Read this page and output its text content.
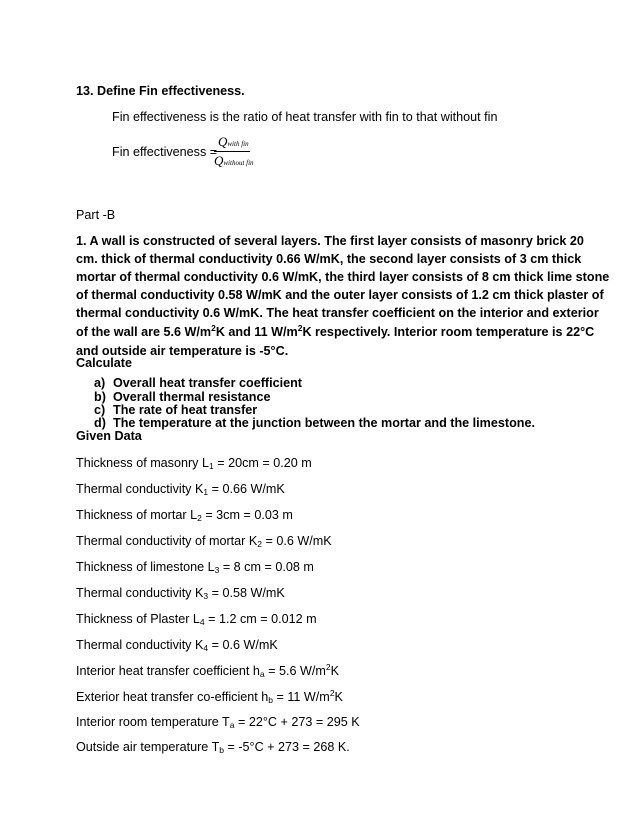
13. Define Fin effectiveness.
Fin effectiveness is the ratio of heat transfer with fin to that without fin
Fin effectiveness =
Qwith fin
Qwithout fin
Part -B
1. A wall is constructed of several layers. The first layer consists of masonry brick 20
cm. thick of thermal conductivity 0.66 W/mK, the second layer consists of 3 cm thick
mortar of thermal conductivity 0.6 W/mK, the third layer consists of 8 cm thick lime stone
of thermal conductivity 0.58 W/mK and the outer layer consists of 1.2 cm thick plaster of
thermal conductivity 0.6 W/mK. The heat transfer coefficient on the interior and exterior
of the wall are 5.6 $W/m^2K$ and 11 $W/m^2K$ respectively. Interior room temperature is 22°C
and outside air temperature is -5°C.
Calculate
a) Overall heat transfer coefficient
b) Overall thermal resistance
c) The rate of heat transfer
d) The temperature at the junction between the mortar and the limestone.
Given Data
Thickness of masonry $L_1 = 20cm = 0.20$ m
Thermal conductivity $K_1 = 0.66$ W/mK
Thickness of mortar $L_2 = 3cm = 0.03$ m
Thermal conductivity of mortar $K_2 = 0.6$ W/mK
Thickness of limestone $L_3 = 8$ cm = 0.08 m
Thermal conductivity $K_3 = 0.58$ W/mK
Thickness of Plaster $L_4 = 1.2$ cm = 0.012 m
Thermal conductivity $K_4 = 0.6$ W/mK
Interior heat transfer coefficient $h_a = 5.6$ $W/m^2K$
Exterior heat transfer co-efficient $h_b = 11$ $W/m^2K$
Interior room temperature $T_a = 22^\circ C + 273 = 295$ K
Outside air temperature $T_b = -5^\circ C + 273 = 268$ K.
